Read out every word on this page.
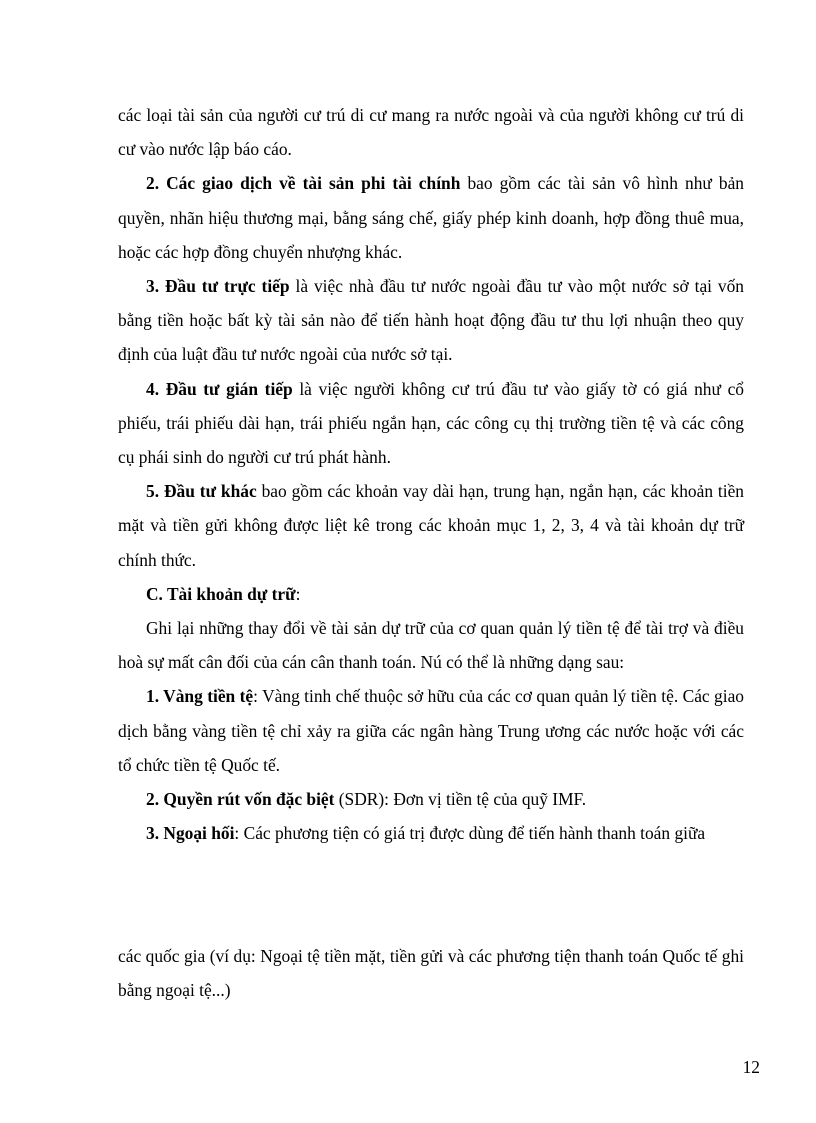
các loại tài sản của người cư trú di cư mang ra nước ngoài và của người không cư trú di cư vào nước lập báo cáo.

2. Các giao dịch về tài sản phi tài chính bao gồm các tài sản vô hình như bản quyền, nhãn hiệu thương mại, bằng sáng chế, giấy phép kinh doanh, hợp đồng thuê mua, hoặc các hợp đồng chuyển nhượng khác.

3. Đầu tư trực tiếp là việc nhà đầu tư nước ngoài đầu tư vào một nước sở tại vốn bằng tiền hoặc bất kỳ tài sản nào để tiến hành hoạt động đầu tư thu lợi nhuận theo quy định của luật đầu tư nước ngoài của nước sở tại.

4. Đầu tư gián tiếp là việc người không cư trú đầu tư vào giấy tờ có giá như cổ phiếu, trái phiếu dài hạn, trái phiếu ngắn hạn, các công cụ thị trường tiền tệ và các công cụ phái sinh do người cư trú phát hành.

5. Đầu tư khác bao gồm các khoản vay dài hạn, trung hạn, ngắn hạn, các khoản tiền mặt và tiền gửi không được liệt kê trong các khoản mục 1, 2, 3, 4 và tài khoản dự trữ chính thức.

C. Tài khoản dự trữ:

Ghi lại những thay đổi về tài sản dự trữ của cơ quan quản lý tiền tệ để tài trợ và điều hoà sự mất cân đối của cán cân thanh toán. Nú có thể là những dạng sau:

1. Vàng tiền tệ: Vàng tinh chế thuộc sở hữu của các cơ quan quản lý tiền tệ. Các giao dịch bằng vàng tiền tệ chỉ xảy ra giữa các ngân hàng Trung ương các nước hoặc với các tổ chức tiền tệ Quốc tế.

2. Quyền rút vốn đặc biệt (SDR): Đơn vị tiền tệ của quỹ IMF.

3. Ngoại hối: Các phương tiện có giá trị được dùng để tiến hành thanh toán giữa

các quốc gia (ví dụ: Ngoại tệ tiền mặt, tiền gửi và các phương tiện thanh toán Quốc tế ghi bằng ngoại tệ...)

12
